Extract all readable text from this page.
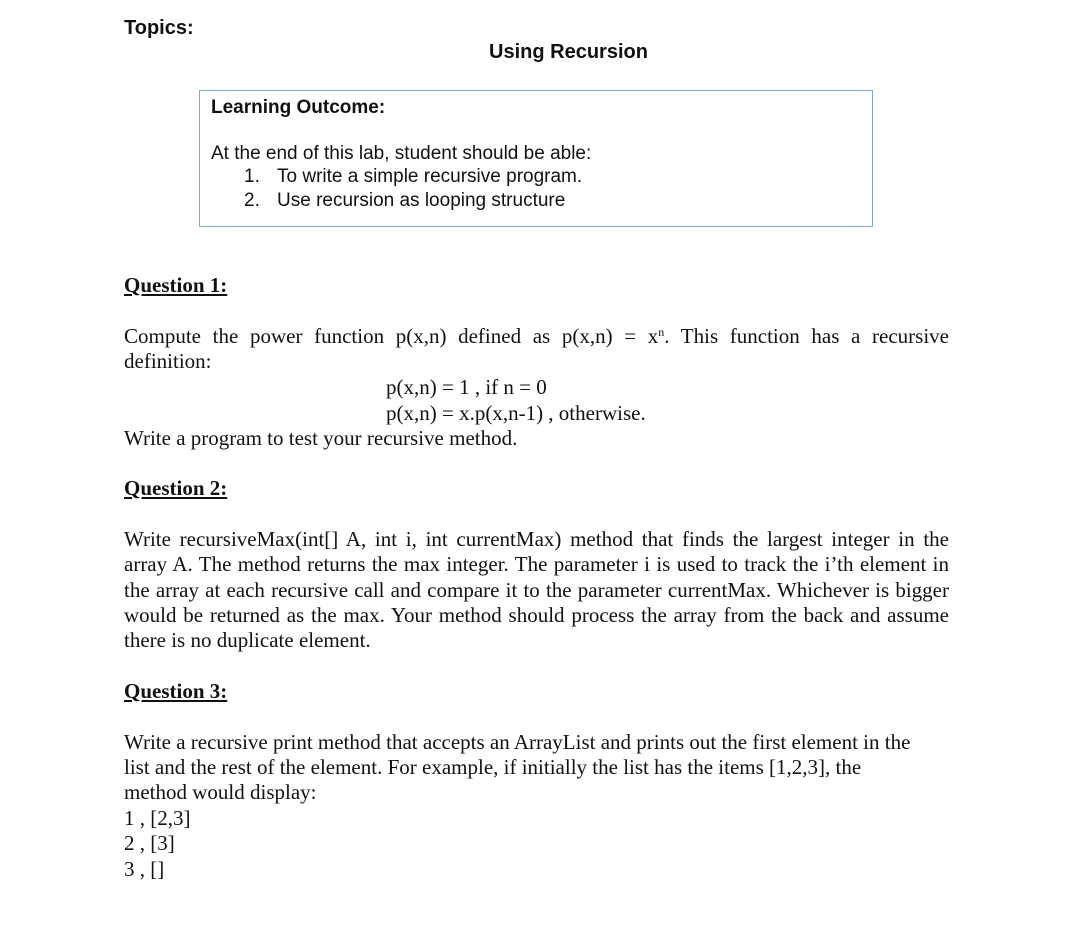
Topics:
Using Recursion
Learning Outcome:
At the end of this lab, student should be able:
1. To write a simple recursive program.
2. Use recursion as looping structure
Question 1:
Compute the power function p(x,n) defined as $p(x,n) = x^n$. This function has a recursive definition:
p(x,n) = 1 , if n = 0
p(x,n) = x.p(x,n-1) , otherwise.
Write a program to test your recursive method.
Question 2:
Write recursiveMax(int[] A, int i, int currentMax) method that finds the largest integer in the array A. The method returns the max integer. The parameter i is used to track the i’th element in the array at each recursive call and compare it to the parameter currentMax. Whichever is bigger would be returned as the max. Your method should process the array from the back and assume there is no duplicate element.
Question 3:
Write a recursive print method that accepts an ArrayList and prints out the first element in the
list and the rest of the element. For example, if initially the list has the items [1,2,3], the
method would display:
1 , [2,3]
2 , [3]
3 , []
